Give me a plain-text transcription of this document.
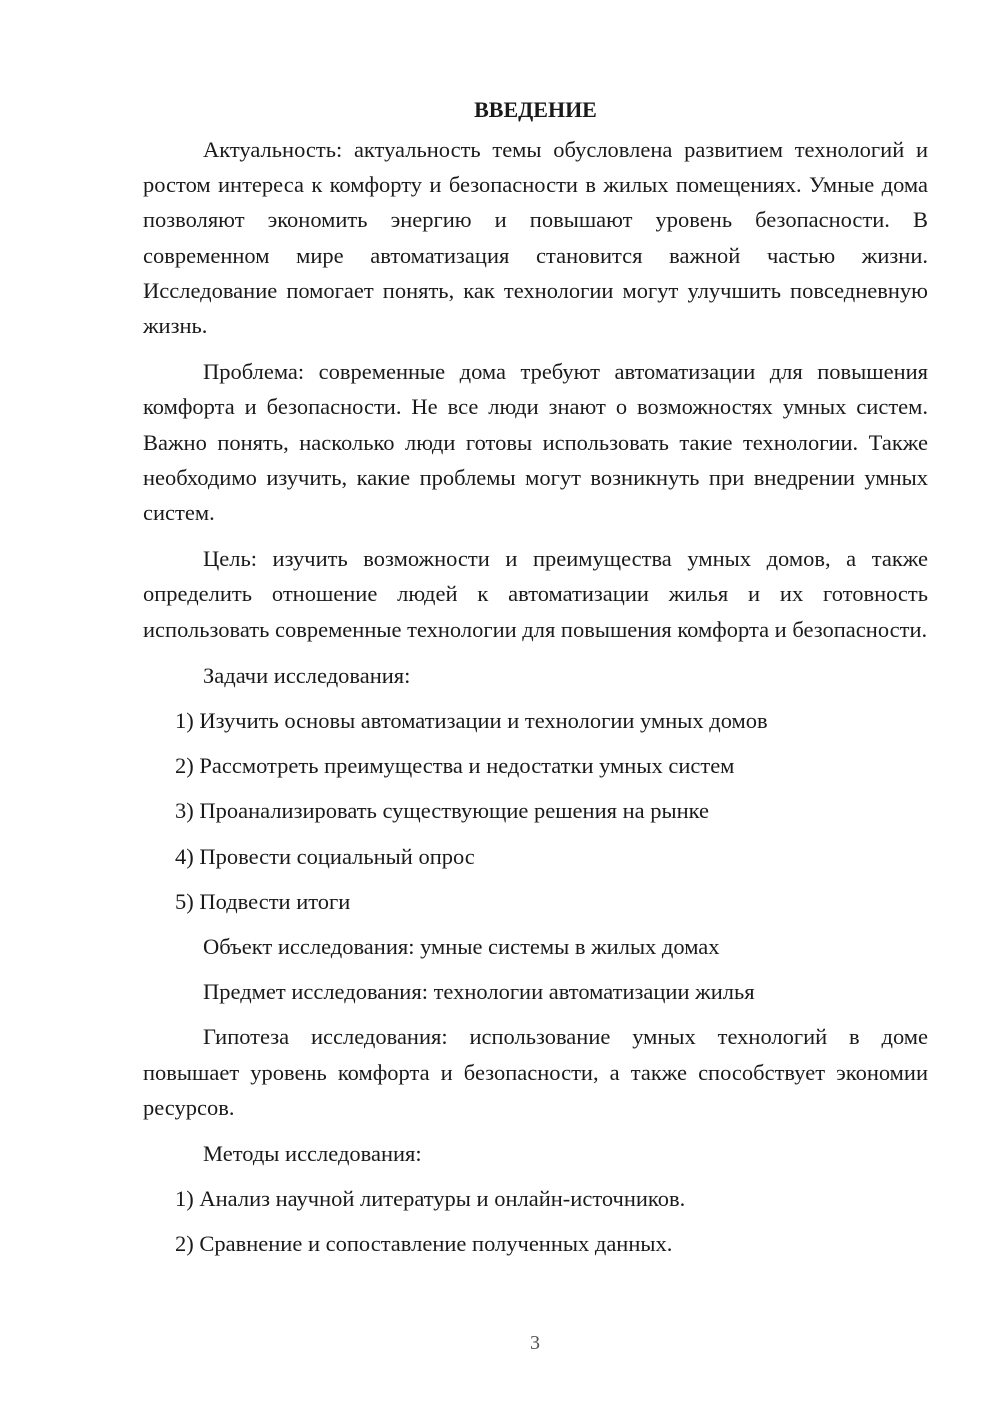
ВВЕДЕНИЕ

Актуальность: актуальность темы обусловлена развитием технологий и ростом интереса к комфорту и безопасности в жилых помещениях. Умные дома позволяют экономить энергию и повышают уровень безопасности. В современном мире автоматизация становится важной частью жизни. Исследование помогает понять, как технологии могут улучшить повседневную жизнь.

Проблема: современные дома требуют автоматизации для повышения комфорта и безопасности. Не все люди знают о возможностях умных систем. Важно понять, насколько люди готовы использовать такие технологии. Также необходимо изучить, какие проблемы могут возникнуть при внедрении умных систем.

Цель: изучить возможности и преимущества умных домов, а также определить отношение людей к автоматизации жилья и их готовность использовать современные технологии для повышения комфорта и безопасности.

Задачи исследования:

1) Изучить основы автоматизации и технологии умных домов

2) Рассмотреть преимущества и недостатки умных систем

3) Проанализировать существующие решения на рынке

4) Провести социальный опрос

5) Подвести итоги

Объект исследования: умные системы в жилых домах

Предмет исследования: технологии автоматизации жилья

Гипотеза исследования: использование умных технологий в доме повышает уровень комфорта и безопасности, а также способствует экономии ресурсов.

Методы исследования:

1) Анализ научной литературы и онлайн-источников.

2) Сравнение и сопоставление полученных данных.

3
